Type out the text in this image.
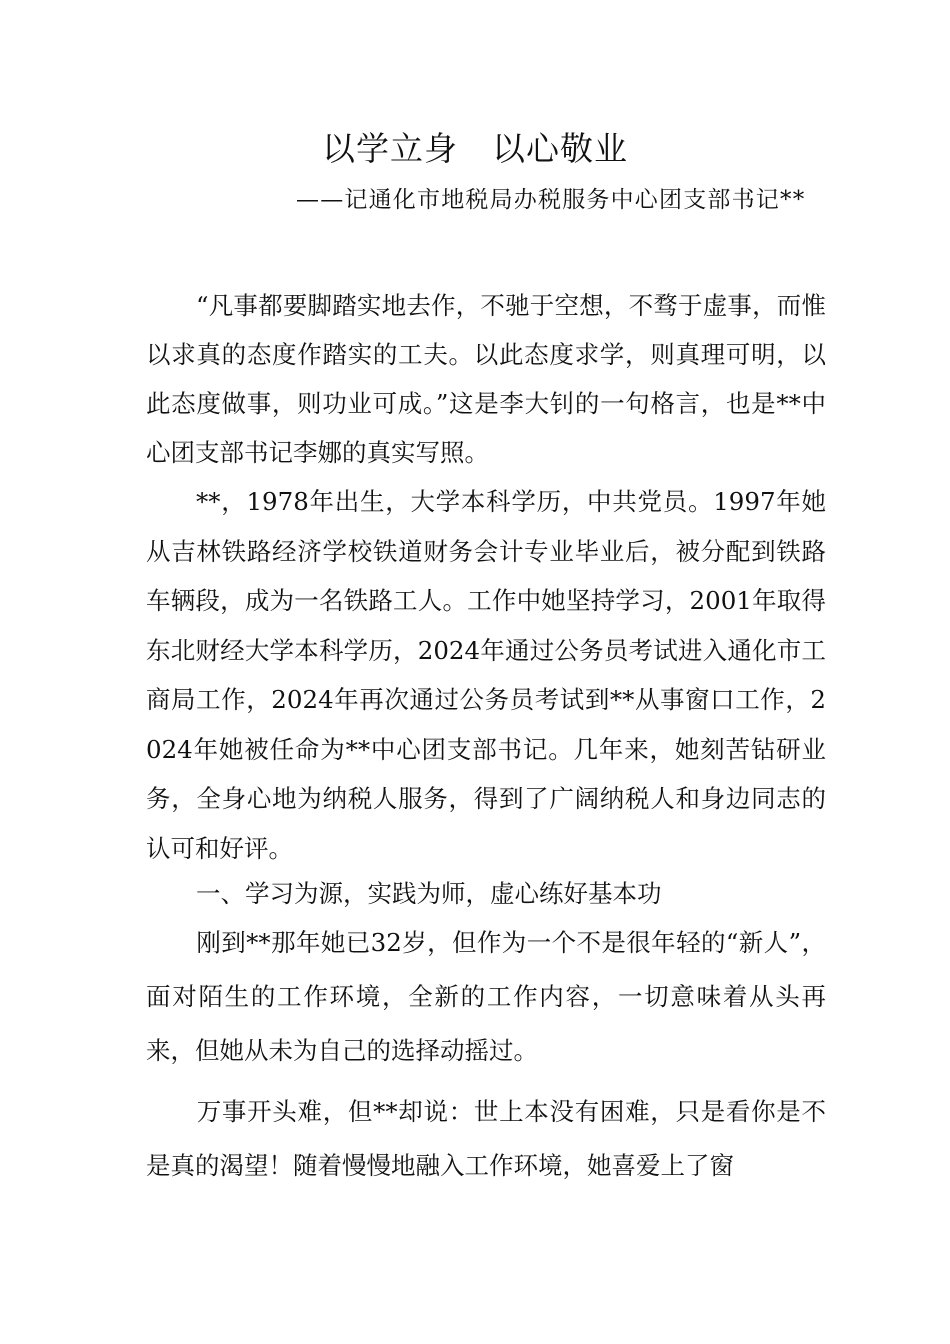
以学立身　以心敬业
——记通化市地税局办税服务中心团支部书记**

“凡事都要脚踏实地去作，不驰于空想，不骛于虚事，而惟以求真的态度作踏实的工夫。以此态度求学，则真理可明，以此态度做事，则功业可成。”这是李大钊的一句格言，也是**中心团支部书记李娜的真实写照。

**，1978年出生，大学本科学历，中共党员。1997年她从吉林铁路经济学校铁道财务会计专业毕业后，被分配到铁路车辆段，成为一名铁路工人。工作中她坚持学习，2001年取得东北财经大学本科学历，2024年通过公务员考试进入通化市工商局工作，2024年再次通过公务员考试到**从事窗口工作，2024年她被任命为**中心团支部书记。几年来，她刻苦钻研业务，全身心地为纳税人服务，得到了广阔纳税人和身边同志的认可和好评。

一、学习为源，实践为师，虚心练好基本功

刚到**那年她已32岁，但作为一个不是很年轻的“新人”，面对陌生的工作环境，全新的工作内容，一切意味着从头再来，但她从未为自己的选择动摇过。

万事开头难，但**却说：世上本没有困难，只是看你是不是真的渴望！随着慢慢地融入工作环境，她喜爱上了窗
